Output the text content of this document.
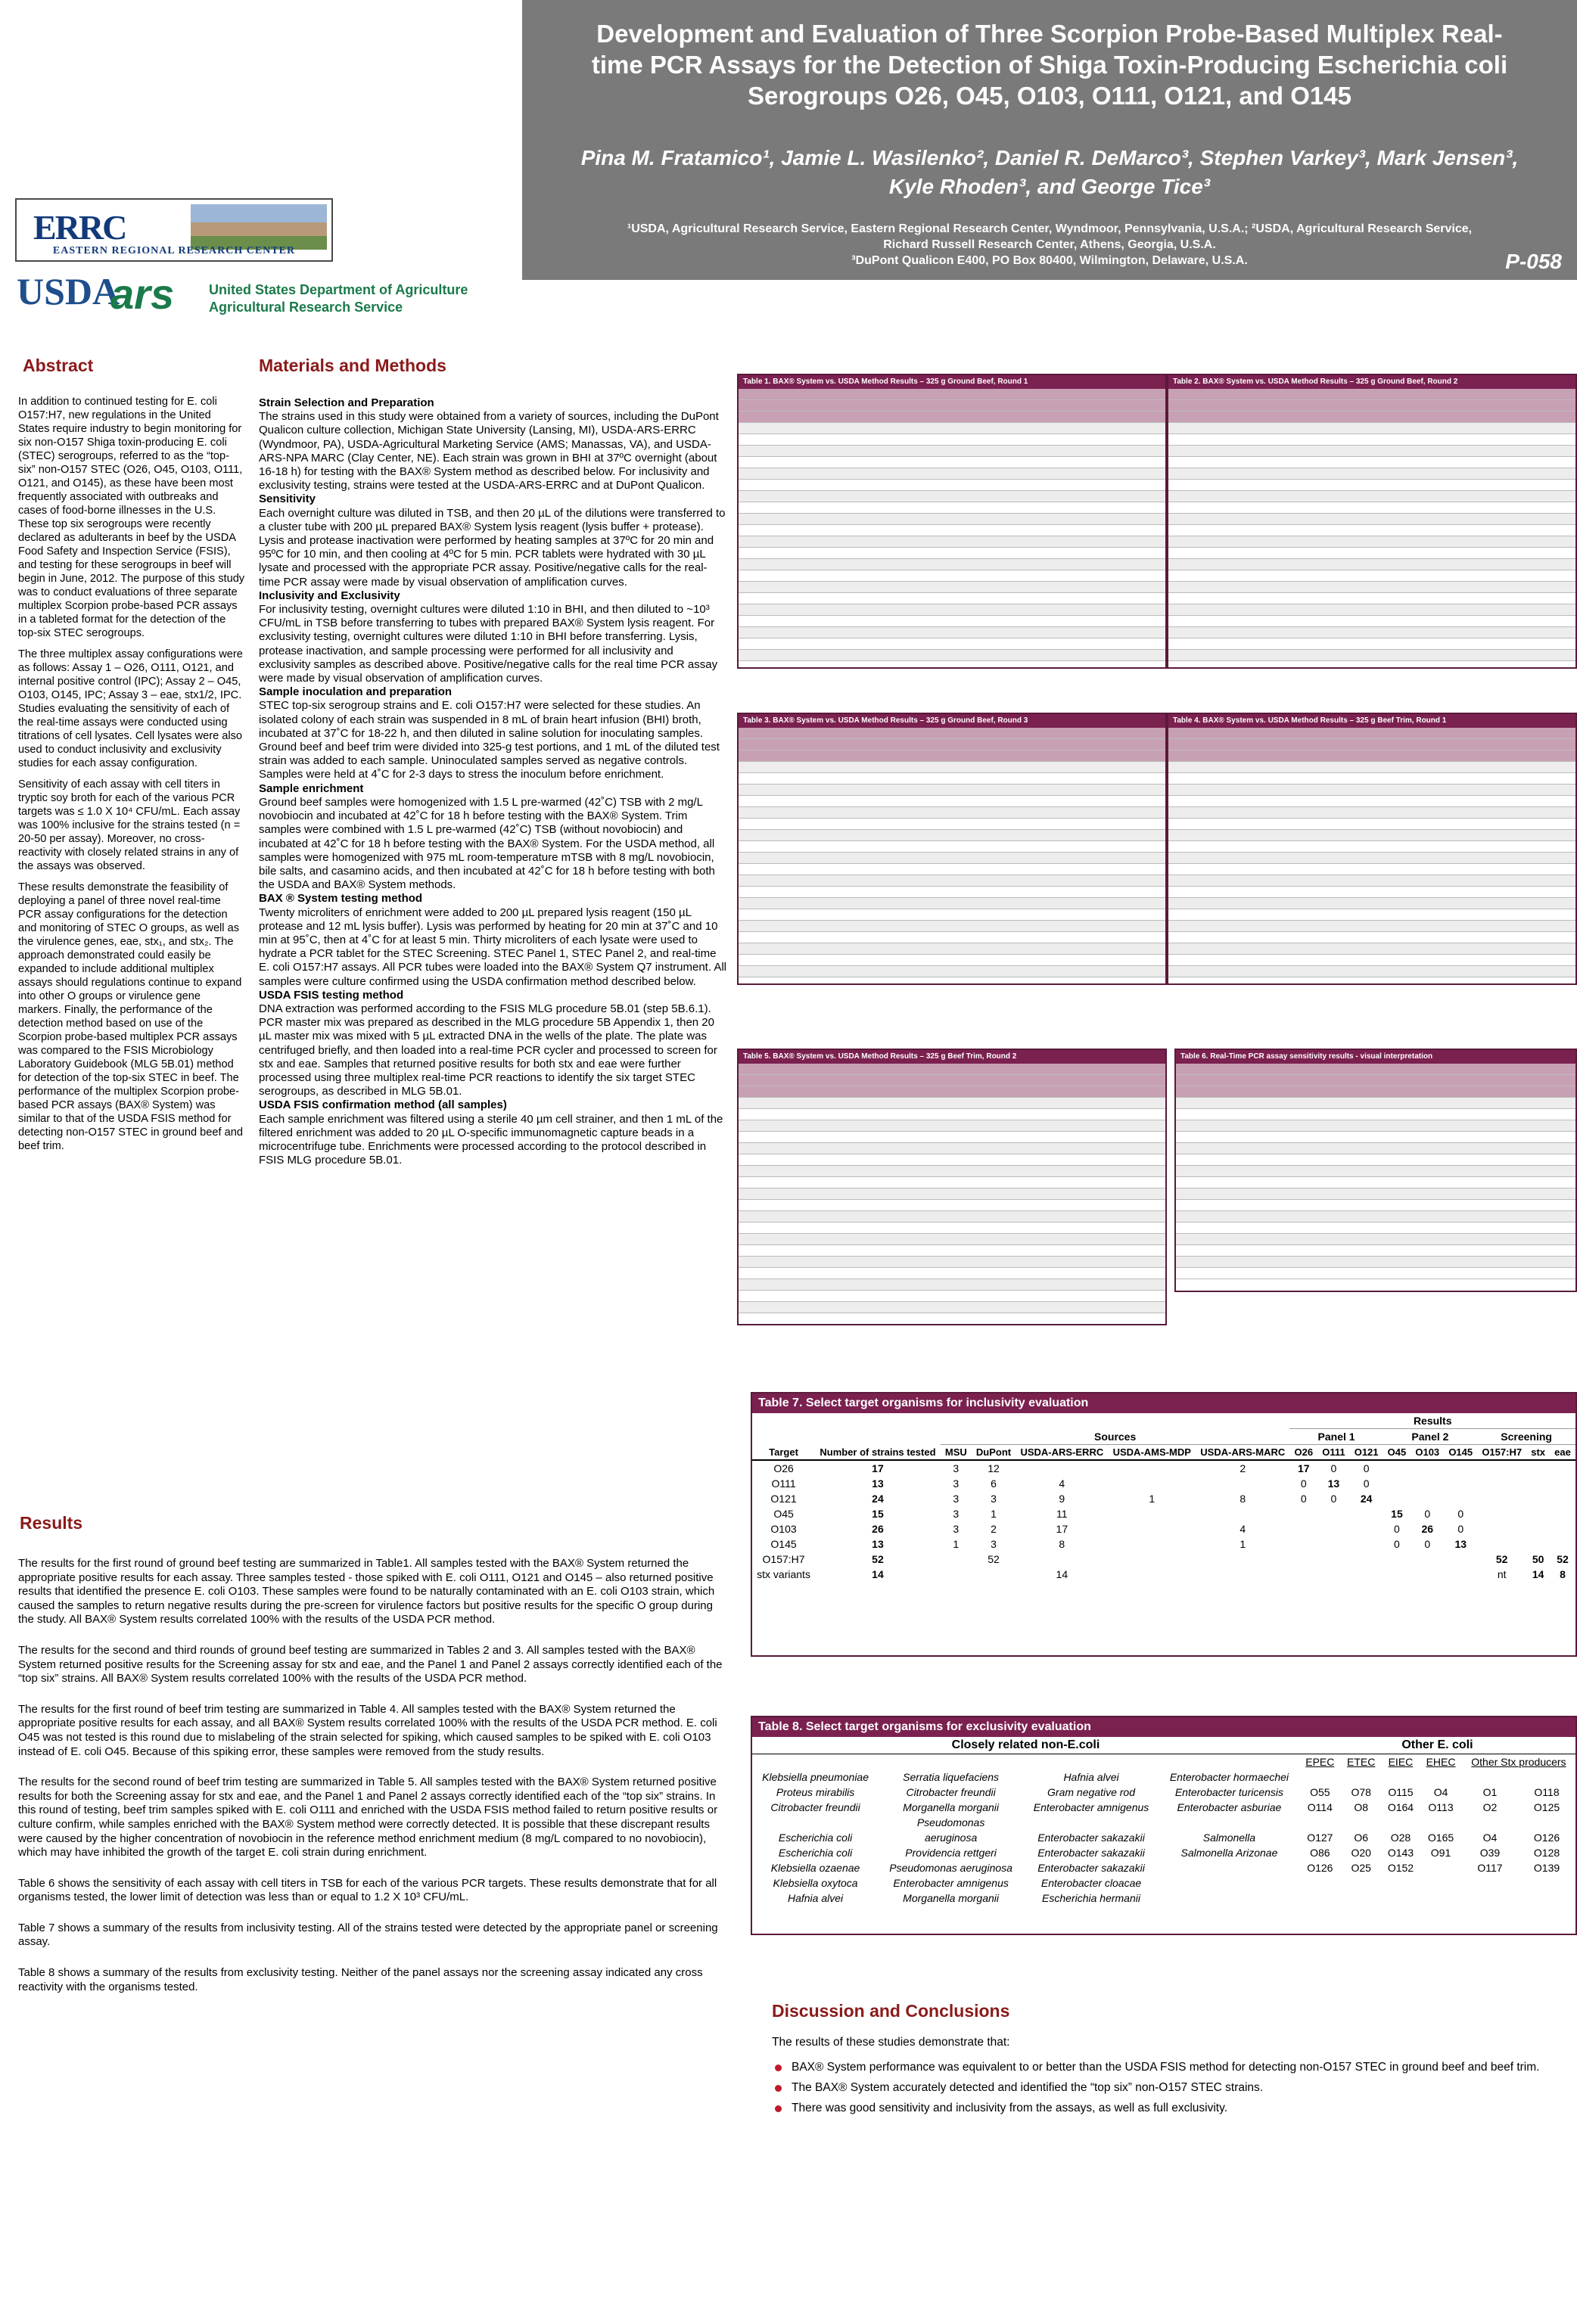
Development and Evaluation of Three Scorpion Probe-Based Multiplex Real-
time PCR Assays for the Detection of Shiga Toxin-Producing Escherichia coli
Serogroups O26, O45, O103, O111, O121, and O145
Pina M. Fratamico¹, Jamie L. Wasilenko², Daniel R. DeMarco³, Stephen Varkey³, Mark Jensen³,
Kyle Rhoden³, and George Tice³
¹USDA, Agricultural Research Service, Eastern Regional Research Center, Wyndmoor, Pennsylvania, U.S.A.; ²USDA, Agricultural Research Service,
Richard Russell Research Center, Athens, Georgia, U.S.A.
³DuPont Qualicon E400, PO Box 80400, Wilmington, Delaware, U.S.A.	P-058
ERRC
EASTERN REGIONAL RESEARCH CENTER
USDA
ars	United States Department of Agriculture
Agricultural Research Service
Abstract

In addition to continued testing for E. coli O157:H7, new regulations in the United States require industry to begin monitoring for six non-O157 Shiga toxin-producing E. coli (STEC) serogroups, referred to as the “top-six” non-O157 STEC (O26, O45, O103, O111, O121, and O145), as these have been most frequently associated with outbreaks and cases of food-borne illnesses in the U.S. These top six serogroups were recently declared as adulterants in beef by the USDA Food Safety and Inspection Service (FSIS), and testing for these serogroups in beef will begin in June, 2012. The purpose of this study was to conduct evaluations of three separate multiplex Scorpion probe-based PCR assays in a tableted format for the detection of the top-six STEC serogroups.

The three multiplex assay configurations were as follows: Assay 1 – O26, O111, O121, and internal positive control (IPC); Assay 2 – O45, O103, O145, IPC; Assay 3 – eae, stx1/2, IPC. Studies evaluating the sensitivity of each of the real-time assays were conducted using titrations of cell lysates. Cell lysates were also used to conduct inclusivity and exclusivity studies for each assay configuration.

Sensitivity of each assay with cell titers in tryptic soy broth for each of the various PCR targets was ≤ 1.0 X 10⁴ CFU/mL. Each assay was 100% inclusive for the strains tested (n = 20-50 per assay). Moreover, no cross-reactivity with closely related strains in any of the assays was observed.

These results demonstrate the feasibility of deploying a panel of three novel real-time PCR assay configurations for the detection and monitoring of STEC O groups, as well as the virulence genes, eae, stx₁, and stx₂. The approach demonstrated could easily be expanded to include additional multiplex assays should regulations continue to expand into other O groups or virulence gene markers. Finally, the performance of the detection method based on use of the Scorpion probe-based multiplex PCR assays was compared to the FSIS Microbiology Laboratory Guidebook (MLG 5B.01) method for detection of the top-six STEC in beef. The performance of the multiplex Scorpion probe-based PCR assays (BAX® System) was similar to that of the USDA FSIS method for detecting non-O157 STEC in ground beef and beef trim.

Materials and Methods
Strain Selection and Preparation
The strains used in this study were obtained from a variety of sources, including the DuPont Qualicon culture collection, Michigan State University (Lansing, MI), USDA-ARS-ERRC (Wyndmoor, PA), USDA-Agricultural Marketing Service (AMS; Manassas, VA), and USDA-ARS-NPA MARC (Clay Center, NE). Each strain was grown in BHI at 37ºC overnight (about 16-18 h) for testing with the BAX® System method as described below. For inclusivity and exclusivity testing, strains were tested at the USDA-ARS-ERRC and at DuPont Qualicon.
Sensitivity
Each overnight culture was diluted in TSB, and then 20 µL of the dilutions were transferred to a cluster tube with 200 µL prepared BAX® System lysis reagent (lysis buffer + protease). Lysis and protease inactivation were performed by heating samples at 37ºC for 20 min and 95ºC for 10 min, and then cooling at 4ºC for 5 min. PCR tablets were hydrated with 30 µL lysate and processed with the appropriate PCR assay. Positive/negative calls for the real-time PCR assay were made by visual observation of amplification curves.
Inclusivity and Exclusivity
For inclusivity testing, overnight cultures were diluted 1:10 in BHI, and then diluted to ~10³ CFU/mL in TSB before transferring to tubes with prepared BAX® System lysis reagent. For exclusivity testing, overnight cultures were diluted 1:10 in BHI before transferring. Lysis, protease inactivation, and sample processing were performed for all inclusivity and exclusivity samples as described above. Positive/negative calls for the real time PCR assay were made by visual observation of amplification curves.
Sample inoculation and preparation
STEC top-six serogroup strains and E. coli O157:H7 were selected for these studies. An isolated colony of each strain was suspended in 8 mL of brain heart infusion (BHI) broth, incubated at 37˚C for 18-22 h, and then diluted in saline solution for inoculating samples. Ground beef and beef trim were divided into 325-g test portions, and 1 mL of the diluted test strain was added to each sample. Uninoculated samples served as negative controls. Samples were held at 4˚C for 2-3 days to stress the inoculum before enrichment.
Sample enrichment
Ground beef samples were homogenized with 1.5 L pre-warmed (42˚C) TSB with 2 mg/L novobiocin and incubated at 42˚C for 18 h before testing with the BAX® System. Trim samples were combined with 1.5 L pre-warmed (42˚C) TSB (without novobiocin) and incubated at 42˚C for 18 h before testing with the BAX® System. For the USDA method, all samples were homogenized with 975 mL room-temperature mTSB with 8 mg/L novobiocin, bile salts, and casamino acids, and then incubated at 42˚C for 18 h before testing with both the USDA and BAX® System methods.
BAX ® System testing method
Twenty microliters of enrichment were added to 200 µL prepared lysis reagent (150 µL protease and 12 mL lysis buffer). Lysis was performed by heating for 20 min at 37˚C and 10 min at 95˚C, then at 4˚C for at least 5 min. Thirty microliters of each lysate were used to hydrate a PCR tablet for the STEC Screening. STEC Panel 1, STEC Panel 2, and real-time E. coli O157:H7 assays. All PCR tubes were loaded into the BAX® System Q7 instrument. All samples were culture confirmed using the USDA confirmation method described below.
USDA FSIS testing method
DNA extraction was performed according to the FSIS MLG procedure 5B.01 (step 5B.6.1). PCR master mix was prepared as described in the MLG procedure 5B Appendix 1, then 20 µL master mix was mixed with 5 µL extracted DNA in the wells of the plate. The plate was centrifuged briefly, and then loaded into a real-time PCR cycler and processed to screen for stx and eae. Samples that returned positive results for both stx and eae were further processed using three multiplex real-time PCR reactions to identify the six target STEC serogroups, as described in MLG 5B.01.
USDA FSIS confirmation method (all samples)
Each sample enrichment was filtered using a sterile 40 µm cell strainer, and then 1 mL of the filtered enrichment was added to 20 µL O-specific immunomagnetic capture beads in a microcentrifuge tube. Enrichments were processed according to the protocol described in FSIS MLG procedure 5B.01.
Results

The results for the first round of ground beef testing are summarized in Table1. All samples tested with the BAX® System returned the appropriate positive results for each assay. Three samples tested - those spiked with E. coli O111, O121 and O145 – also returned positive results that identified the presence E. coli O103. These samples were found to be naturally contaminated with an E. coli O103 strain, which caused the samples to return negative results during the pre-screen for virulence factors but positive results for the specific O group during the study. All BAX® System results correlated 100% with the results of the USDA PCR method.

The results for the second and third rounds of ground beef testing are summarized in Tables 2 and 3. All samples tested with the BAX® System returned positive results for the Screening assay for stx and eae, and the Panel 1 and Panel 2 assays correctly identified each of the “top six” strains. All BAX® System results correlated 100% with the results of the USDA PCR method.

The results for the first round of beef trim testing are summarized in Table 4. All samples tested with the BAX® System returned the appropriate positive results for each assay, and all BAX® System results correlated 100% with the results of the USDA PCR method. E. coli O45 was not tested is this round due to mislabeling of the strain selected for spiking, which caused samples to be spiked with E. coli O103 instead of E. coli O45. Because of this spiking error, these samples were removed from the study results.

The results for the second round of beef trim testing are summarized in Table 5. All samples tested with the BAX® System returned positive results for both the Screening assay for stx and eae, and the Panel 1 and Panel 2 assays correctly identified each of the “top six” strains. In this round of testing, beef trim samples spiked with E. coli O111 and enriched with the USDA FSIS method failed to return positive results or culture confirm, while samples enriched with the BAX® System method were correctly detected. It is possible that these discrepant results were caused by the higher concentration of novobiocin in the reference method enrichment medium (8 mg/L compared to no novobiocin), which may have inhibited the growth of the target E. coli strain during enrichment.

Table 6 shows the sensitivity of each assay with cell titers in TSB for each of the various PCR targets. These results demonstrate that for all organisms tested, the lower limit of detection was less than or equal to 1.2 X 10³ CFU/mL.

Table 7 shows a summary of the results from inclusivity testing. All of the strains tested were detected by the appropriate panel or screening assay.

Table 8 shows a summary of the results from exclusivity testing. Neither of the panel assays nor the screening assay indicated any cross reactivity with the organisms tested.

Table 1. BAX® System vs. USDA Method Results – 325 g Ground Beef, Round 1	Table 2. BAX® System vs. USDA Method Results – 325 g Ground Beef, Round 2
Table 3. BAX® System vs. USDA Method Results – 325 g Ground Beef, Round 3	Table 4. BAX® System vs. USDA Method Results – 325 g Beef Trim, Round 1
Table 5. BAX® System vs. USDA Method Results – 325 g Beef Trim, Round 2	Table 6. Real-Time PCR assay sensitivity results - visual interpretation
Table 7. Select target organisms for inclusivity evaluation
							Results								
		Sources					Panel 1			Panel 2			Screening		
Target	Number of strains tested	MSU	DuPont	USDA-ARS-ERRC	USDA-AMS-MDP	USDA-ARS-MARC	O26	O111	O121	O45	O103	O145	O157:H7	stx	eae
O26	17	3	12			2	17	0	0						
O111	13	3	6	4			0	13	0						
O121	24	3	3	9	1	8	0	0	24						
O45	15	3	1	11						15	0	0			
O103	26	3	2	17		4				0	26	0			
O145	13	1	3	8		1				0	0	13			
O157:H7	52		52										52	50	52
stx variants	14			14									nt	14	8
Table 8. Select target organisms for exclusivity evaluation
Closely related non-E.coli				Other E. coli					
				EPEC	ETEC	EIEC	EHEC	Other Stx producers	
Klebsiella pneumoniae	Serratia liquefaciens	Hafnia alvei	Enterobacter hormaechei						
Proteus mirabilis	Citrobacter freundii	Gram negative rod	Enterobacter turicensis	O55	O78	O115	O4	O1	O118
Citrobacter freundii	Morganella morganii	Enterobacter amnigenus	Enterobacter asburiae	O114	O8	O164	O113	O2	O125
	Pseudomonas								
Escherichia coli	aeruginosa	Enterobacter sakazakii	Salmonella	O127	O6	O28	O165	O4	O126
Escherichia coli	Providencia rettgeri	Enterobacter sakazakii	Salmonella Arizonae	O86	O20	O143	O91	O39	O128
Klebsiella ozaenae	Pseudomonas aeruginosa	Enterobacter sakazakii		O126	O25	O152		O117	O139
Klebsiella oxytoca	Enterobacter amnigenus	Enterobacter cloacae							
Hafnia alvei	Morganella morganii	Escherichia hermanii							
Discussion and Conclusions

The results of these studies demonstrate that:

BAX® System performance was equivalent to or better than the USDA FSIS method for detecting non-O157 STEC in ground beef and beef trim.
The BAX® System accurately detected and identified the “top six” non-O157 STEC strains.
There was good sensitivity and inclusivity from the assays, as well as full exclusivity.
